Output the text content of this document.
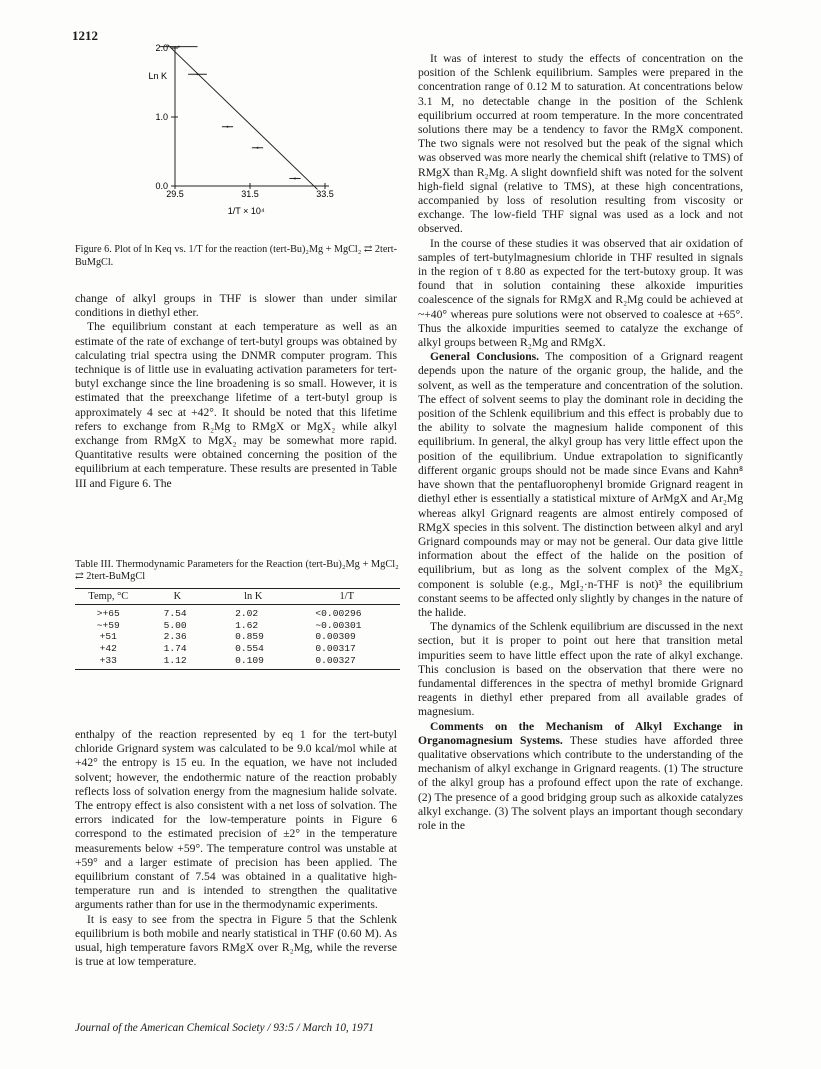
1212
0.0
1.0
2.0
29.5	31.5	33.5
Ln K
1/T × 10⁴
Figure 6. Plot of ln Keq vs. 1/T for the reaction (tert-Bu)₂Mg + MgCl₂ ⇄ 2tert-BuMgCl.

change of alkyl groups in THF is slower than under similar conditions in diethyl ether.

The equilibrium constant at each temperature as well as an estimate of the rate of exchange of tert-butyl groups was obtained by calculating trial spectra using the DNMR computer program. This technique is of little use in evaluating activation parameters for tert-butyl exchange since the line broadening is so small. However, it is estimated that the preexchange lifetime of a tert-butyl group is approximately 4 sec at +42°. It should be noted that this lifetime refers to exchange from R₂Mg to RMgX or MgX₂ while alkyl exchange from RMgX to MgX₂ may be somewhat more rapid. Quantitative results were obtained concerning the position of the equilibrium at each temperature. These results are presented in Table III and Figure 6. The

Table III. Thermodynamic Parameters for the Reaction (tert-Bu)₂Mg + MgCl₂ ⇄ 2tert-BuMgCl
Temp, °C	K	ln K	1/T
>+65	7.54	2.02	<0.00296
~+59	5.00	1.62	~0.00301
+51	2.36	0.859	0.00309
+42	1.74	0.554	0.00317
+33	1.12	0.109	0.00327

enthalpy of the reaction represented by eq 1 for the tert-butyl chloride Grignard system was calculated to be 9.0 kcal/mol while at +42° the entropy is 15 eu. In the equation, we have not included solvent; however, the endothermic nature of the reaction probably reflects loss of solvation energy from the magnesium halide solvate. The entropy effect is also consistent with a net loss of solvation. The errors indicated for the low-temperature points in Figure 6 correspond to the estimated precision of ±2° in the temperature measurements below +59°. The temperature control was unstable at +59° and a larger estimate of precision has been applied. The equilibrium constant of 7.54 was obtained in a qualitative high-temperature run and is intended to strengthen the qualitative arguments rather than for use in the thermodynamic experiments.

It is easy to see from the spectra in Figure 5 that the Schlenk equilibrium is both mobile and nearly statistical in THF (0.60 M). As usual, high temperature favors RMgX over R₂Mg, while the reverse is true at low temperature.

It was of interest to study the effects of concentration on the position of the Schlenk equilibrium. Samples were prepared in the concentration range of 0.12 M to saturation. At concentrations below 3.1 M, no detectable change in the position of the Schlenk equilibrium occurred at room temperature. In the more concentrated solutions there may be a tendency to favor the RMgX component. The two signals were not resolved but the peak of the signal which was observed was more nearly the chemical shift (relative to TMS) of RMgX than R₂Mg. A slight downfield shift was noted for the solvent high-field signal (relative to TMS), at these high concentrations, accompanied by loss of resolution resulting from viscosity or exchange. The low-field THF signal was used as a lock and not observed.

In the course of these studies it was observed that air oxidation of samples of tert-butylmagnesium chloride in THF resulted in signals in the region of τ 8.80 as expected for the tert-butoxy group. It was found that in solution containing these alkoxide impurities coalescence of the signals for RMgX and R₂Mg could be achieved at ~+40° whereas pure solutions were not observed to coalesce at +65°. Thus the alkoxide impurities seemed to catalyze the exchange of alkyl groups between R₂Mg and RMgX.

General Conclusions. The composition of a Grignard reagent depends upon the nature of the organic group, the halide, and the solvent, as well as the temperature and concentration of the solution. The effect of solvent seems to play the dominant role in deciding the position of the Schlenk equilibrium and this effect is probably due to the ability to solvate the magnesium halide component of this equilibrium. In general, the alkyl group has very little effect upon the position of the equilibrium. Undue extrapolation to significantly different organic groups should not be made since Evans and Kahn⁸ have shown that the pentafluorophenyl bromide Grignard reagent in diethyl ether is essentially a statistical mixture of ArMgX and Ar₂Mg whereas alkyl Grignard reagents are almost entirely composed of RMgX species in this solvent. The distinction between alkyl and aryl Grignard compounds may or may not be general. Our data give little information about the effect of the halide on the position of equilibrium, but as long as the solvent complex of the MgX₂ component is soluble (e.g., MgI₂·n-THF is not)³ the equilibrium constant seems to be affected only slightly by changes in the nature of the halide.

The dynamics of the Schlenk equilibrium are discussed in the next section, but it is proper to point out here that transition metal impurities seem to have little effect upon the rate of alkyl exchange. This conclusion is based on the observation that there were no fundamental differences in the spectra of methyl bromide Grignard reagents in diethyl ether prepared from all available grades of magnesium.

Comments on the Mechanism of Alkyl Exchange in Organomagnesium Systems. These studies have afforded three qualitative observations which contribute to the understanding of the mechanism of alkyl exchange in Grignard reagents. (1) The structure of the alkyl group has a profound effect upon the rate of exchange. (2) The presence of a good bridging group such as alkoxide catalyzes alkyl exchange. (3) The solvent plays an important though secondary role in the

Journal of the American Chemical Society / 93:5 / March 10, 1971
